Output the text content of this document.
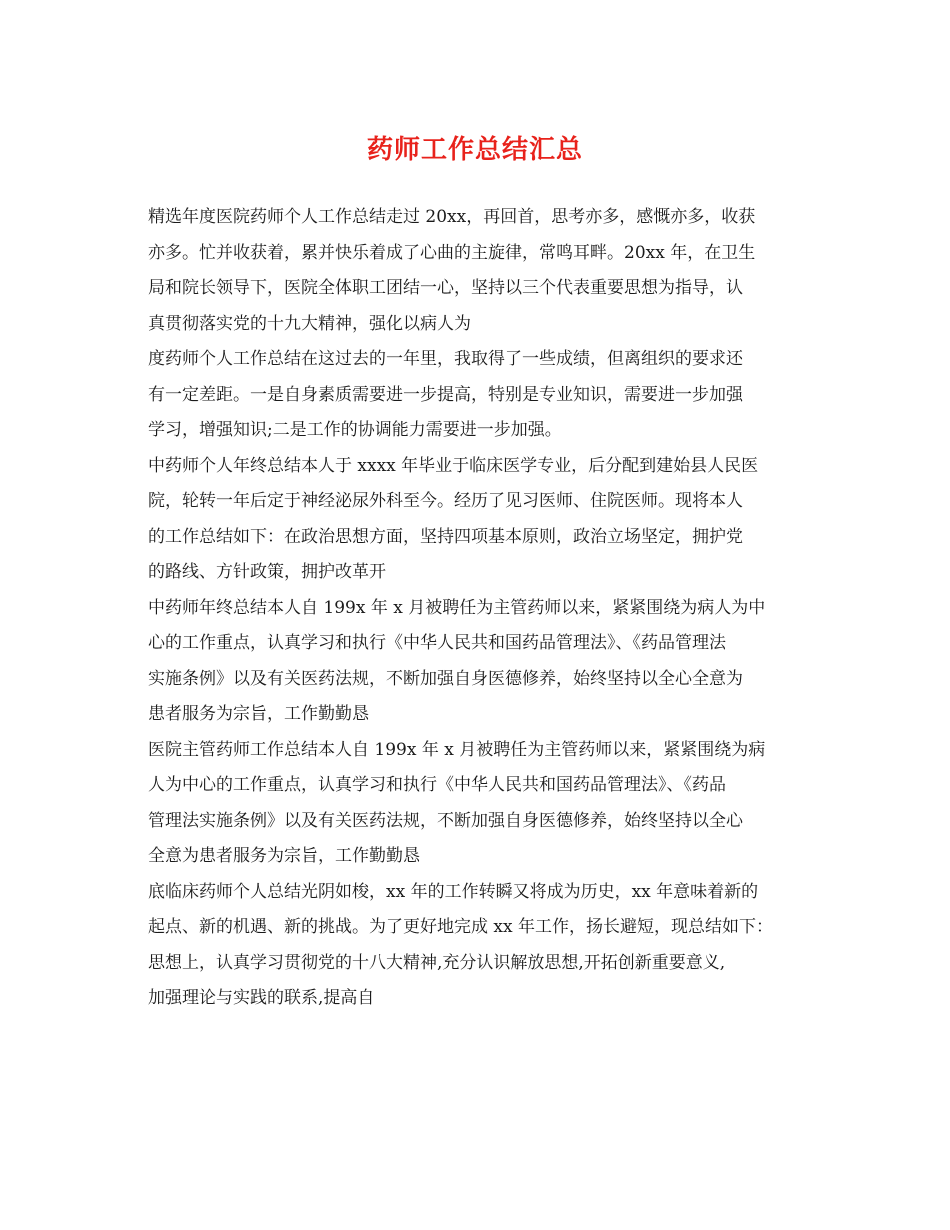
药师工作总结汇总
精选年度医院药师个人工作总结走过 20xx，再回首，思考亦多，感慨亦多，收获
亦多。忙并收获着，累并快乐着成了心曲的主旋律，常鸣耳畔。20xx 年，在卫生
局和院长领导下，医院全体职工团结一心，坚持以三个代表重要思想为指导，认
真贯彻落实党的十九大精神，强化以病人为
度药师个人工作总结在这过去的一年里，我取得了一些成绩，但离组织的要求还
有一定差距。一是自身素质需要进一步提高，特别是专业知识，需要进一步加强
学习，增强知识;二是工作的协调能力需要进一步加强。
中药师个人年终总结本人于 xxxx 年毕业于临床医学专业，后分配到建始县人民医
院，轮转一年后定于神经泌尿外科至今。经历了见习医师、住院医师。现将本人
的工作总结如下：在政治思想方面，坚持四项基本原则，政治立场坚定，拥护党
的路线、方针政策，拥护改革开
中药师年终总结本人自 199x 年 x 月被聘任为主管药师以来，紧紧围绕为病人为中
心的工作重点，认真学习和执行《中华人民共和国药品管理法》、《药品管理法
实施条例》以及有关医药法规，不断加强自身医德修养，始终坚持以全心全意为
患者服务为宗旨，工作勤勤恳
医院主管药师工作总结本人自 199x 年 x 月被聘任为主管药师以来，紧紧围绕为病
人为中心的工作重点，认真学习和执行《中华人民共和国药品管理法》、《药品
管理法实施条例》以及有关医药法规，不断加强自身医德修养，始终坚持以全心
全意为患者服务为宗旨，工作勤勤恳
底临床药师个人总结光阴如梭，xx 年的工作转瞬又将成为历史，xx 年意味着新的
起点、新的机遇、新的挑战。为了更好地完成 xx 年工作，扬长避短，现总结如下：
思想上，认真学习贯彻党的十八大精神,充分认识解放思想,开拓创新重要意义,
加强理论与实践的联系,提高自
